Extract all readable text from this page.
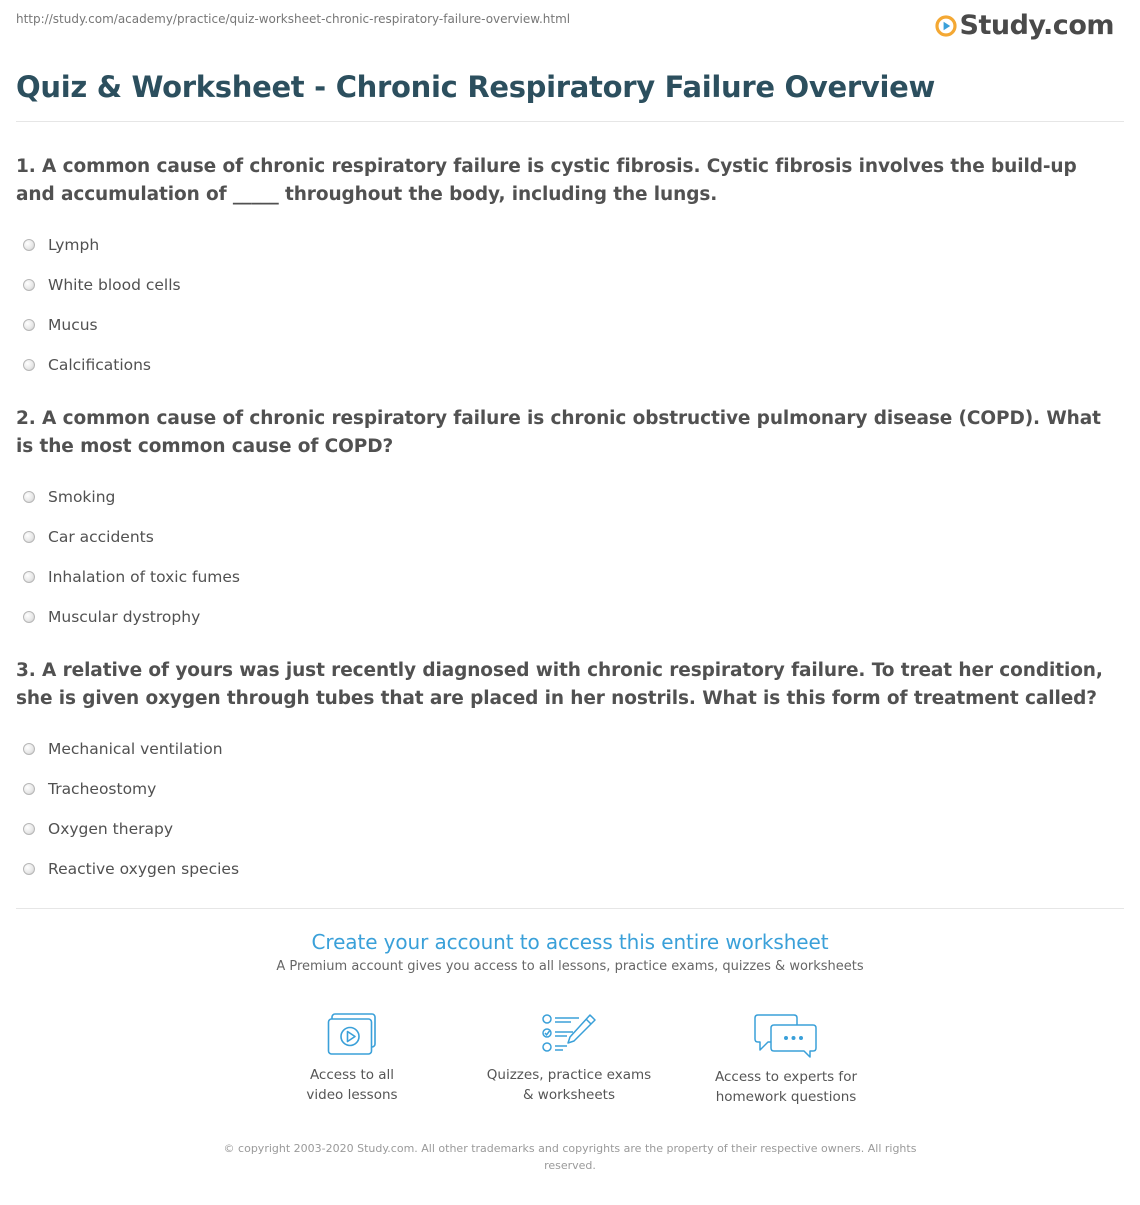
http://study.com/academy/practice/quiz-worksheet-chronic-respiratory-failure-overview.html	Study.com
Quiz & Worksheet - Chronic Respiratory Failure Overview

1. A common cause of chronic respiratory failure is cystic fibrosis. Cystic fibrosis involves the build-up and accumulation of _____ throughout the body, including the lungs.

Lymph
White blood cells
Mucus
Calcifications

2. A common cause of chronic respiratory failure is chronic obstructive pulmonary disease (COPD). What is the most common cause of COPD?

Smoking
Car accidents
Inhalation of toxic fumes
Muscular dystrophy

3. A relative of yours was just recently diagnosed with chronic respiratory failure. To treat her condition, she is given oxygen through tubes that are placed in her nostrils. What is this form of treatment called?

Mechanical ventilation
Tracheostomy
Oxygen therapy
Reactive oxygen species
Create your account to access this entire worksheet

A Premium account gives you access to all lessons, practice exams, quizzes & worksheets

Access to all
video lessons
Quizzes, practice exams
& worksheets
Access to experts for
homework questions
© copyright 2003-2020 Study.com. All other trademarks and copyrights are the property of their respective owners. All rights reserved.
